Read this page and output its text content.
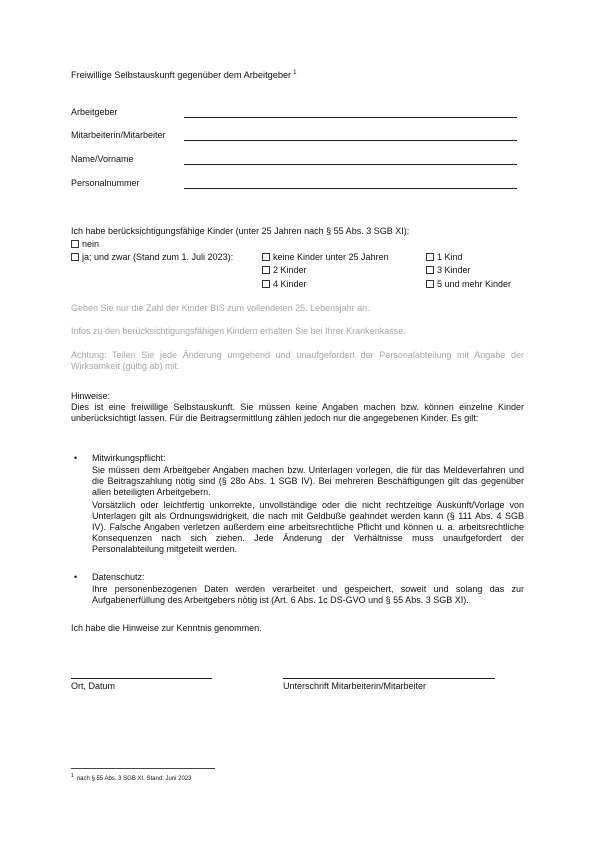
Freiwillige Selbstauskunft gegenüber dem Arbeitgeber $^1$
Arbeitgeber
Mitarbeiterin/Mitarbeiter
Name/Vorname
Personalnummer
Ich habe berücksichtigungsfähige Kinder (unter 25 Jahren nach § 55 Abs. 3 SGB XI):
nein
ja; und zwar (Stand zum 1. Juli 2023):	keine Kinder unter 25 Jahren
2 Kinder
4 Kinder
1 Kind
3 Kinder
5 und mehr Kinder
Geben Sie nur die Zahl der Kinder BIS zum vollendeten 25. Lebensjahr an.
Infos zu den berücksichtigungsfähigen Kindern erhalten Sie bei Ihrer Krankenkasse.
Achtung: Teilen Sie jede Änderung umgehend und unaufgefordert der Personalabteilung mit Angabe der Wirksamkeit (gültig ab) mit.
Hinweise:
Dies ist eine freiwillige Selbstauskunft. Sie müssen keine Angaben machen bzw. können einzelne Kinder unberücksichtigt lassen. Für die Beitragsermittlung zählen jedoch nur die angegebenen Kinder. Es gilt:
• Mitwirkungspflicht:
Sie müssen dem Arbeitgeber Angaben machen bzw. Unterlagen vorlegen, die für das Meldeverfahren und die Beitragszahlung nötig sind (§ 28o Abs. 1 SGB IV). Bei mehreren Beschäftigungen gilt das gegenüber allen beteiligten Arbeitgebern.
Vorsätzlich oder leichtfertig unkorrekte, unvollständige oder die nicht rechtzeitige Auskunft/Vorlage von Unterlagen gilt als Ordnungswidrigkeit, die nach mit Geldbuße geahndet werden kann (§ 111 Abs. 4 SGB IV). Falsche Angaben verletzen außerdem eine arbeitsrechtliche Pflicht und können u. a. arbeitsrechtliche Konsequenzen nach sich ziehen. Jede Änderung der Verhältnisse muss unaufgefordert der Personalabteilung mitgeteilt werden.
• Datenschutz:
Ihre personenbezogenen Daten werden verarbeitet und gespeichert, soweit und solang das zur Aufgabenerfüllung des Arbeitgebers nötig ist (Art. 6 Abs. 1c DS-GVO und § 55 Abs. 3 SGB XI).
Ich habe die Hinweise zur Kenntnis genommen.
Ort, Datum	Unterschrift Mitarbeiterin/Mitarbeiter
$^1$ nach § 55 Abs. 3 SGB XI, Stand: Juni 2023
